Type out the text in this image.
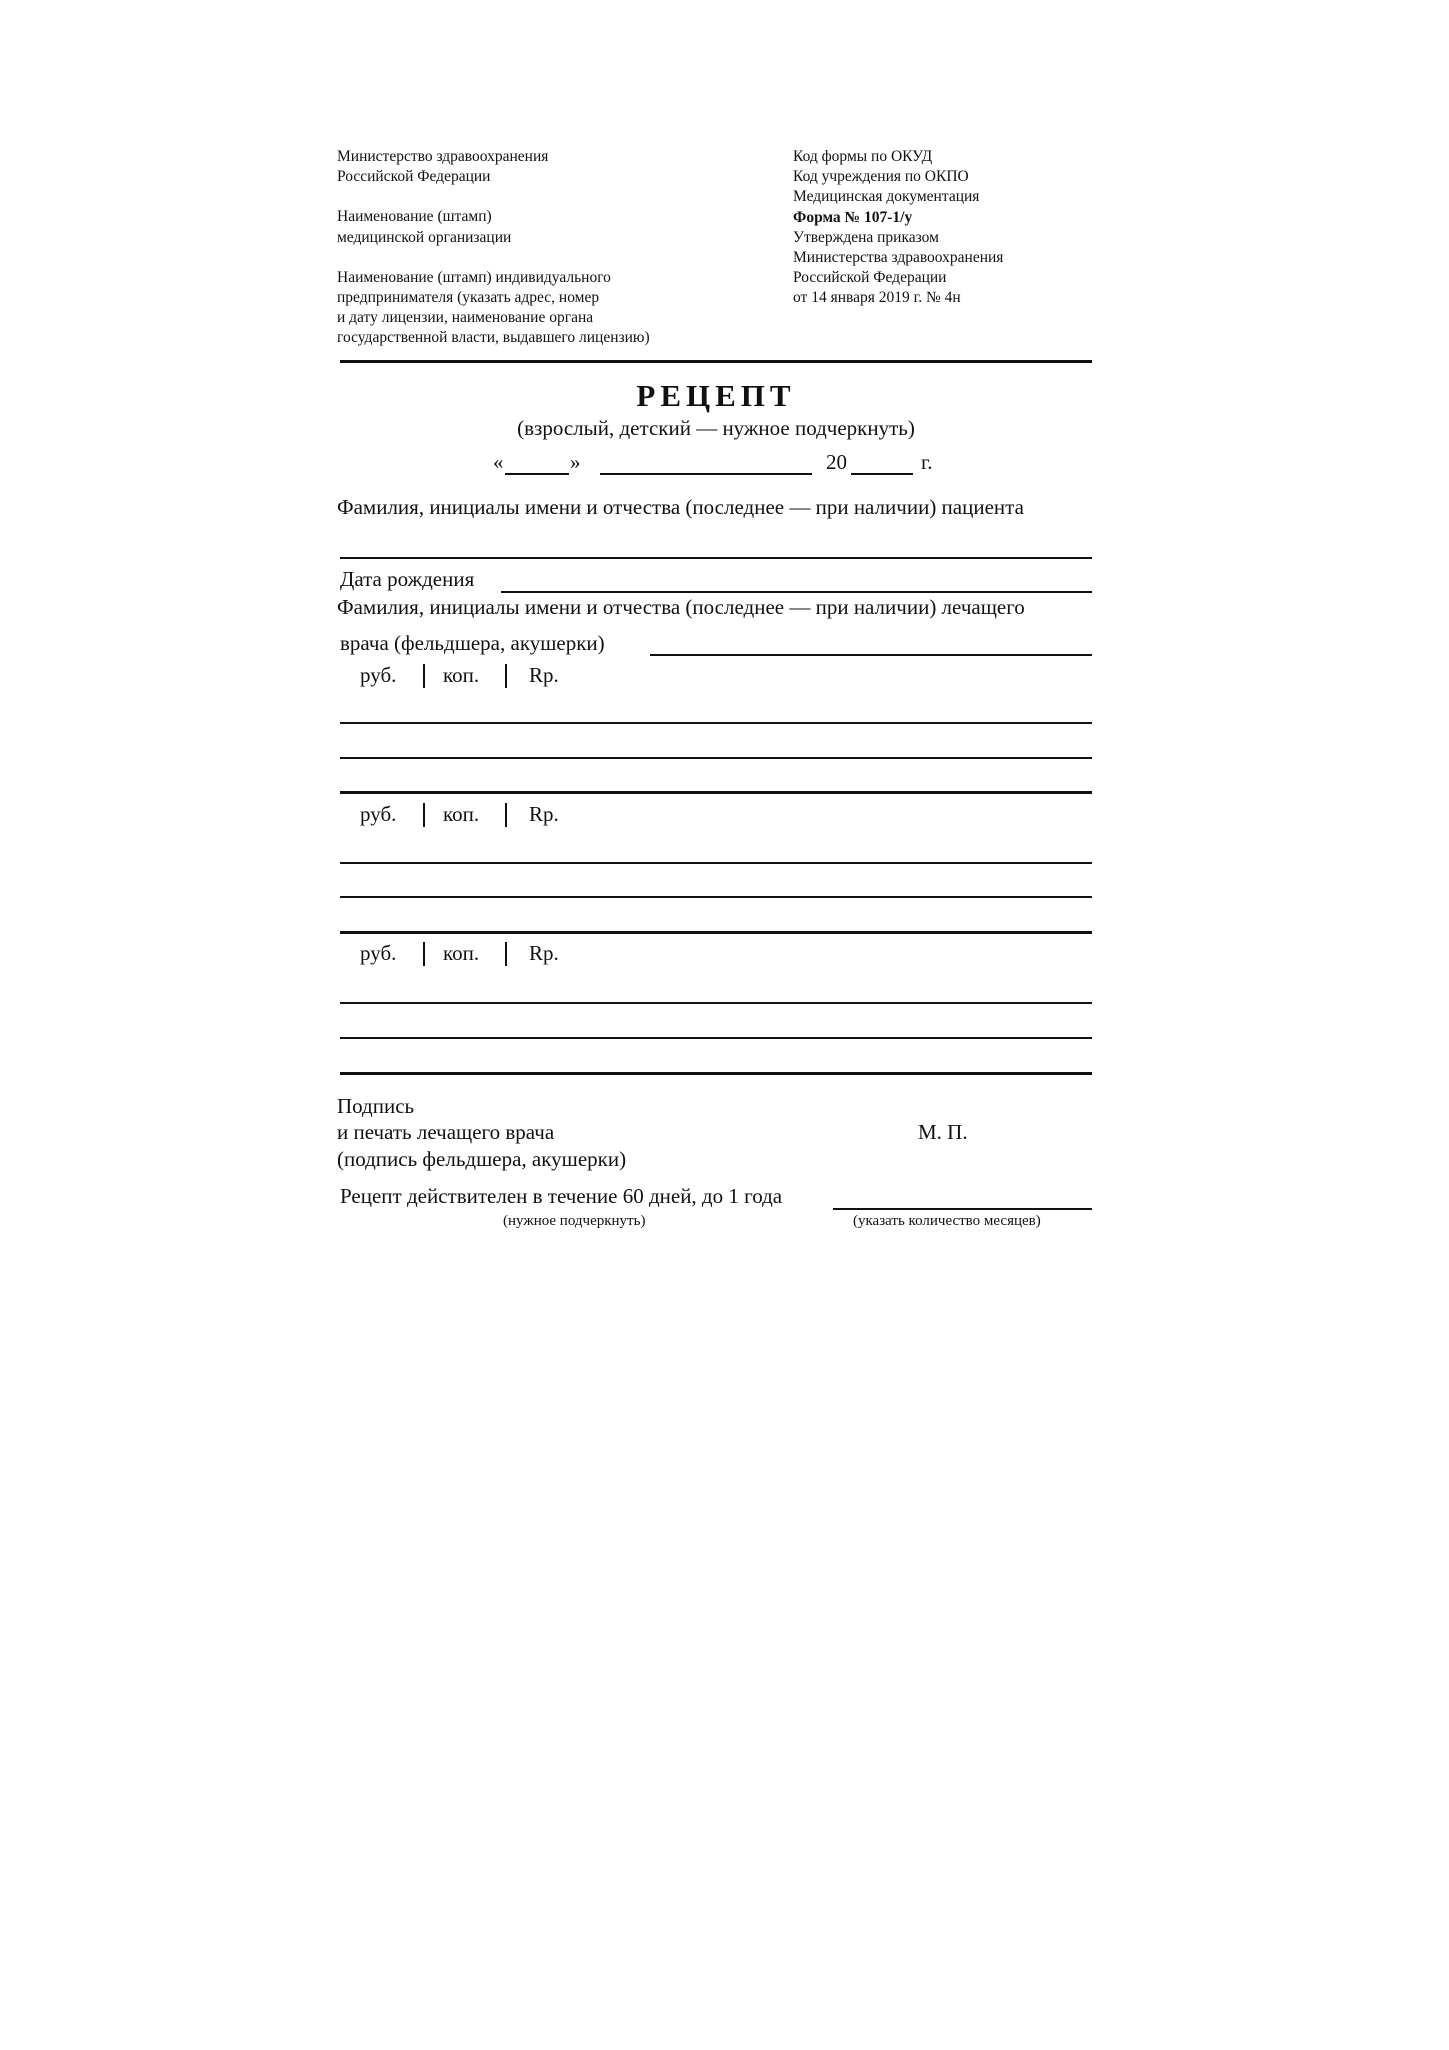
Министерство здравоохранения
Российской Федерации
Наименование (штамп)
медицинской организации
Наименование (штамп) индивидуального
предпринимателя (указать адрес, номер
и дату лицензии, наименование органа
государственной власти, выдавшего лицензию)
Код формы по ОКУД
Код учреждения по ОКПО
Медицинская документация
Форма № 107-1/у
Утверждена приказом
Министерства здравоохранения
Российской Федерации
от 14 января 2019 г. № 4н
РЕЦЕПТ
(взрослый, детский — нужное подчеркнуть)
«	»	20	г.
Фамилия, инициалы имени и отчества (последнее — при наличии) пациента
Дата рождения
Фамилия, инициалы имени и отчества (последнее — при наличии) лечащего
врача (фельдшера, акушерки)
руб. коп. Rp.
руб. коп. Rp.
руб. коп. Rp.
Подпись
и печать лечащего врача
(подпись фельдшера, акушерки)
М. П.
Рецепт действителен в течение 60 дней, до 1 года
(нужное подчеркнуть)	(указать количество месяцев)
